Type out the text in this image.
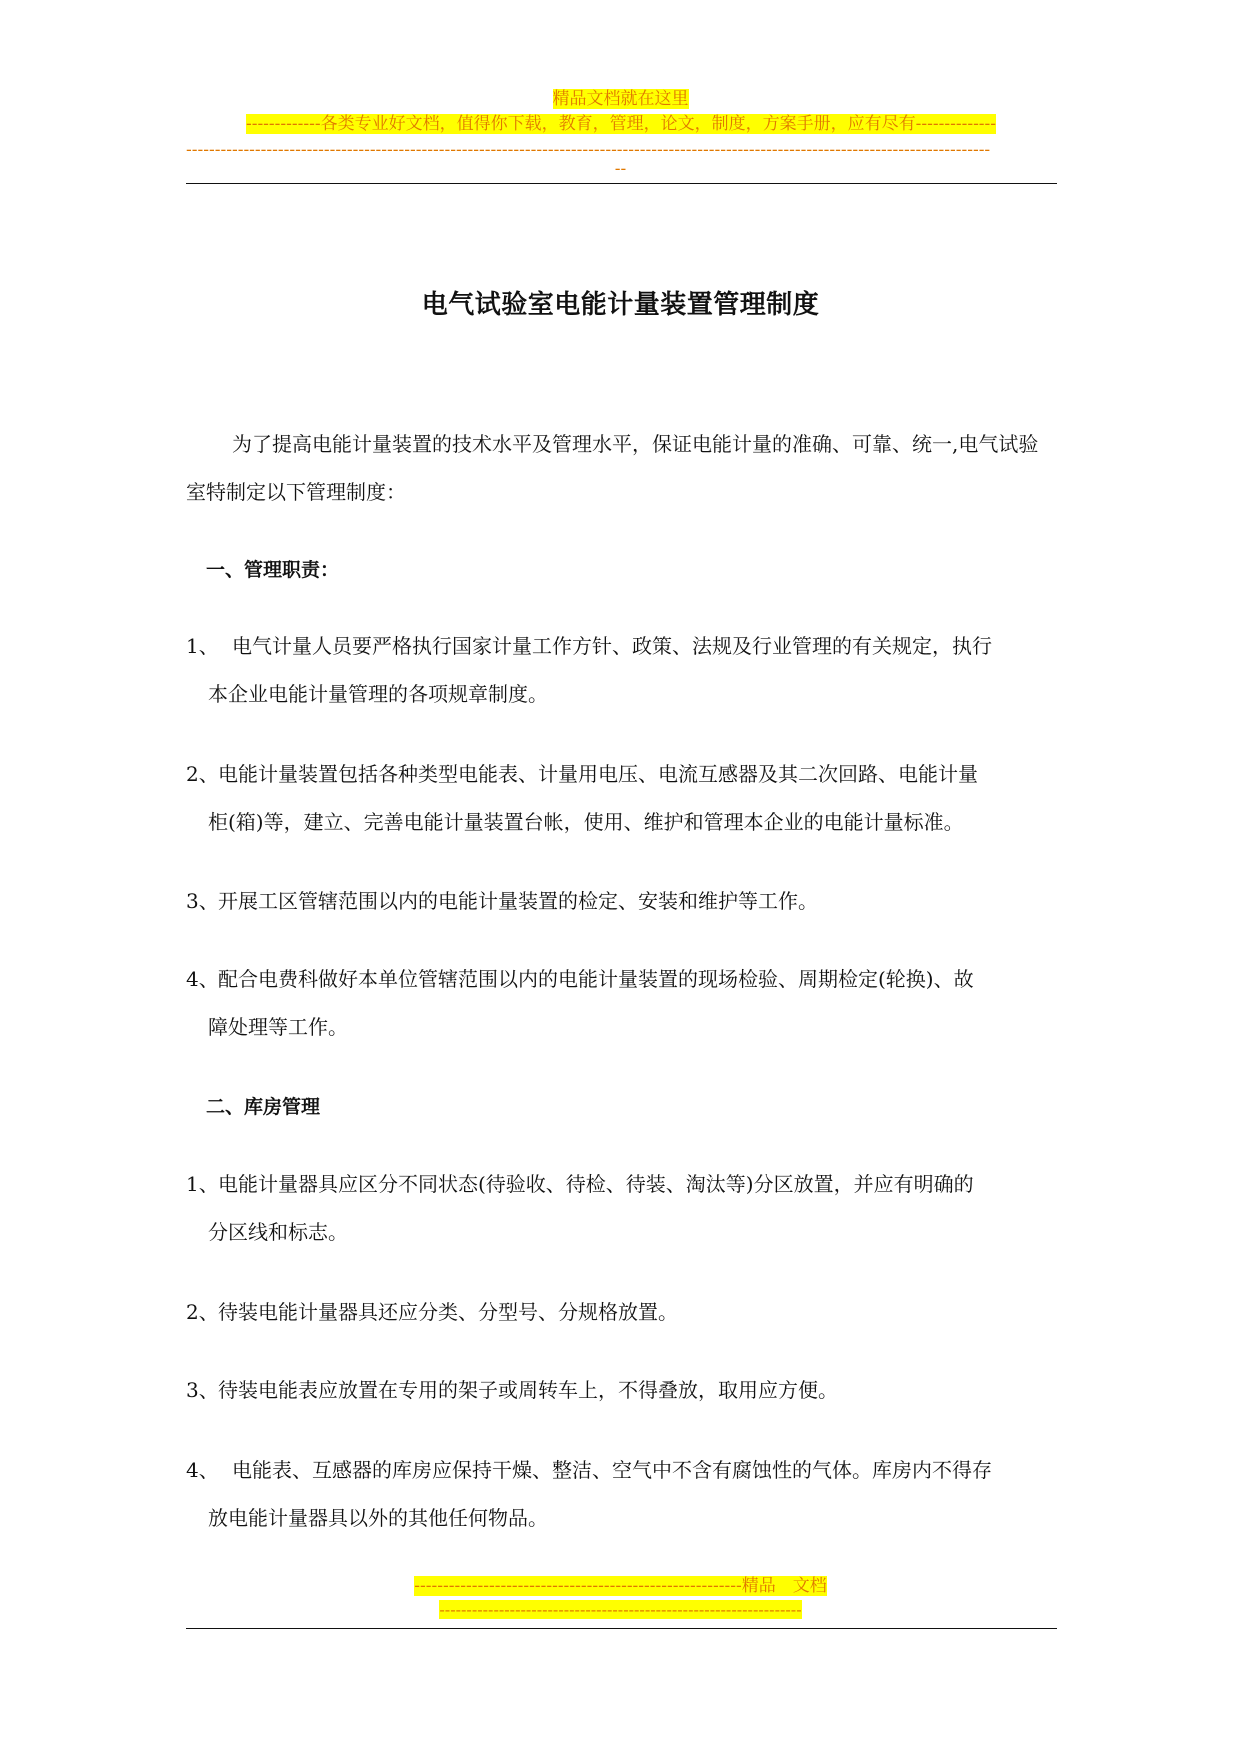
精品文档就在这里
-------------各类专业好文档，值得你下载，教育，管理，论文，制度，方案手册，应有尽有--------------
--------------------------------------------------------------------------------------------------------------------------------------------
--
电气试验室电能计量装置管理制度
为了提高电能计量装置的技术水平及管理水平，保证电能计量的准确、可靠、统一,电气试验室特制定以下管理制度：
一、管理职责：
1、 电气计量人员要严格执行国家计量工作方针、政策、法规及行业管理的有关规定，执行
本企业电能计量管理的各项规章制度。
2、 电能计量装置包括各种类型电能表、计量用电压、电流互感器及其二次回路、电能计量
柜(箱)等，建立、完善电能计量装置台帐，使用、维护和管理本企业的电能计量标准。
3、 开展工区管辖范围以内的电能计量装置的检定、安装和维护等工作。
4、 配合电费科做好本单位管辖范围以内的电能计量装置的现场检验、周期检定(轮换)、故
障处理等工作。
二、库房管理
1、 电能计量器具应区分不同状态(待验收、待检、待装、淘汰等)分区放置，并应有明确的
分区线和标志。
2、 待装电能计量器具还应分类、分型号、分规格放置。
3、 待装电能表应放置在专用的架子或周转车上，不得叠放，取用应方便。
4、 电能表、互感器的库房应保持干燥、整洁、空气中不含有腐蚀性的气体。库房内不得存
放电能计量器具以外的其他任何物品。
---------------------------------------------------------精品　文档
-------------------------------------------------------------------
